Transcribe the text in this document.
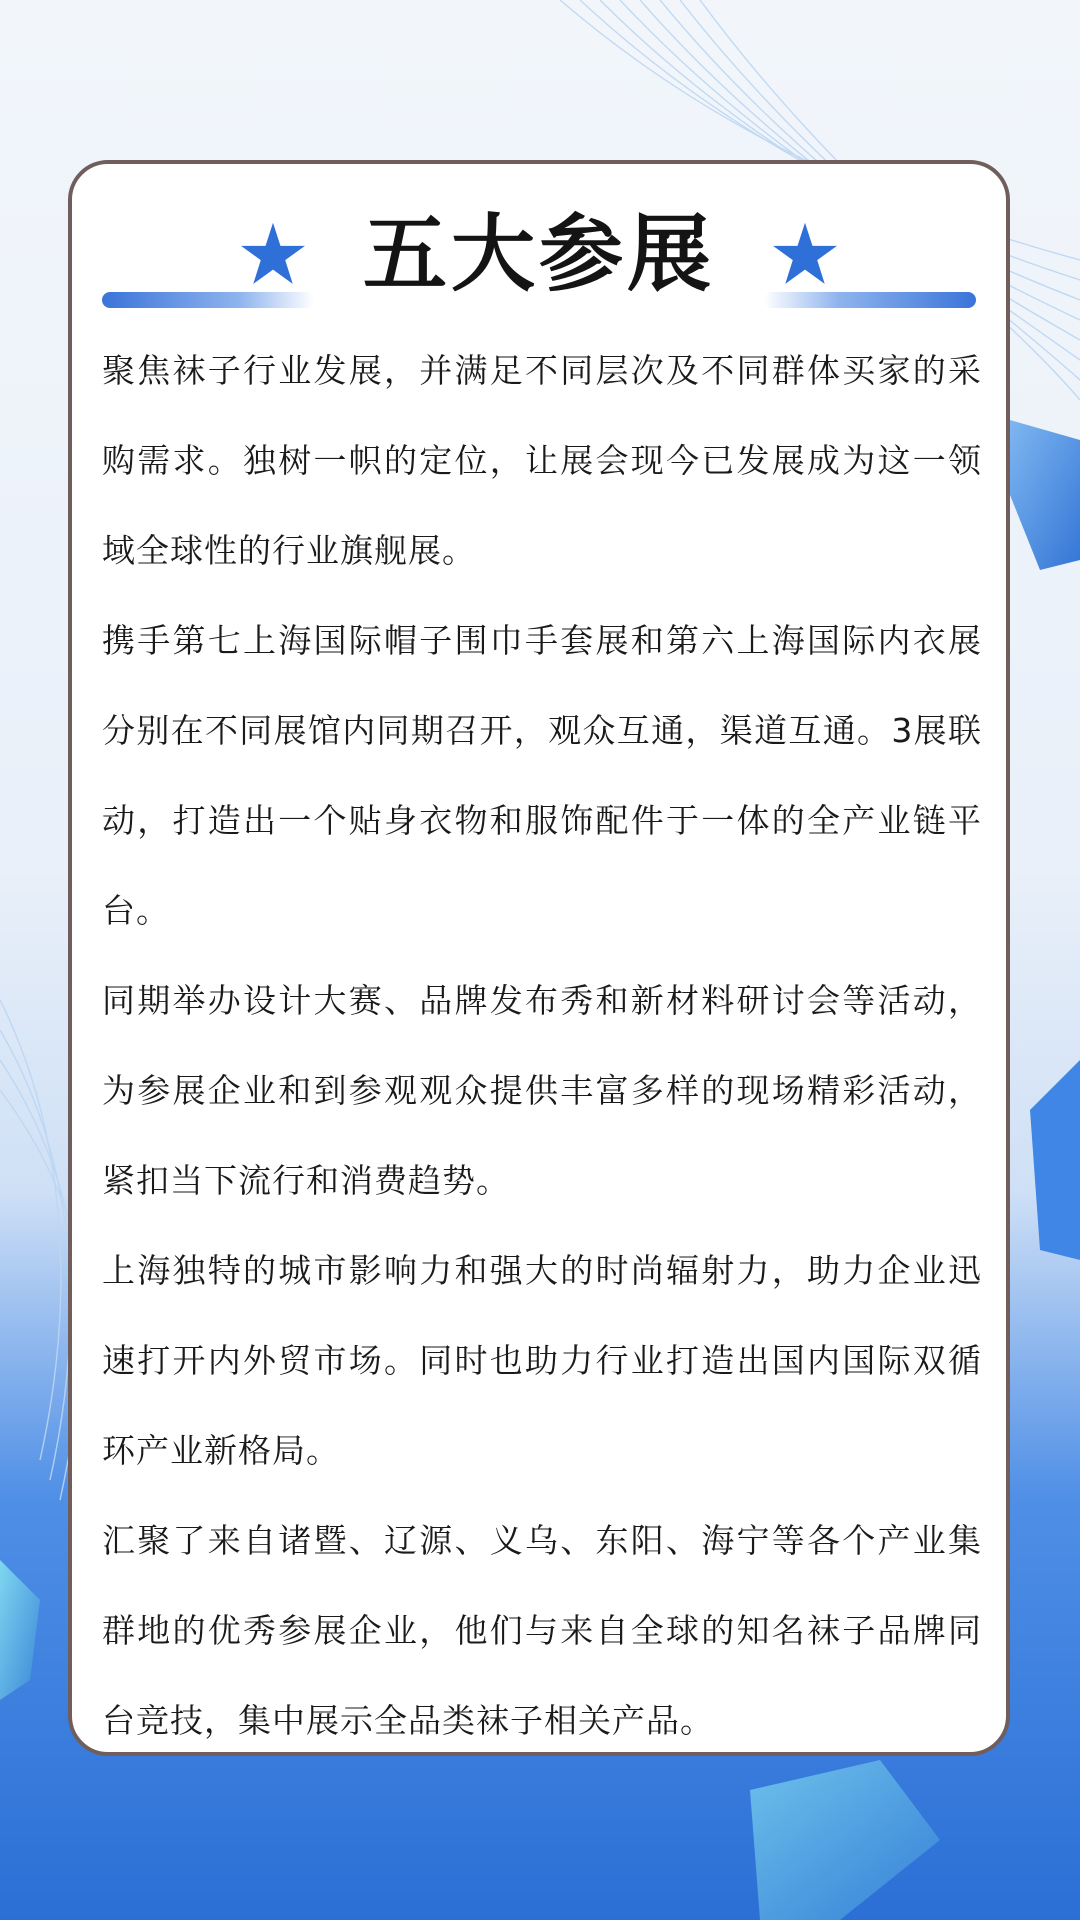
五大参展

聚焦袜子行业发展，并满足不同层次及不同群体买家的采购需求。独树一帜的定位，让展会现今已发展成为这一领域全球性的行业旗舰展。

携手第七上海国际帽子围巾手套展和第六上海国际内衣展分别在不同展馆内同期召开，观众互通，渠道互通。3展联动，打造出一个贴身衣物和服饰配件于一体的全产业链平台。

同期举办设计大赛、品牌发布秀和新材料研讨会等活动，为参展企业和到参观观众提供丰富多样的现场精彩活动，紧扣当下流行和消费趋势。

上海独特的城市影响力和强大的时尚辐射力，助力企业迅速打开内外贸市场。同时也助力行业打造出国内国际双循环产业新格局。

汇聚了来自诸暨、辽源、义乌、东阳、海宁等各个产业集群地的优秀参展企业，他们与来自全球的知名袜子品牌同台竞技，集中展示全品类袜子相关产品。
